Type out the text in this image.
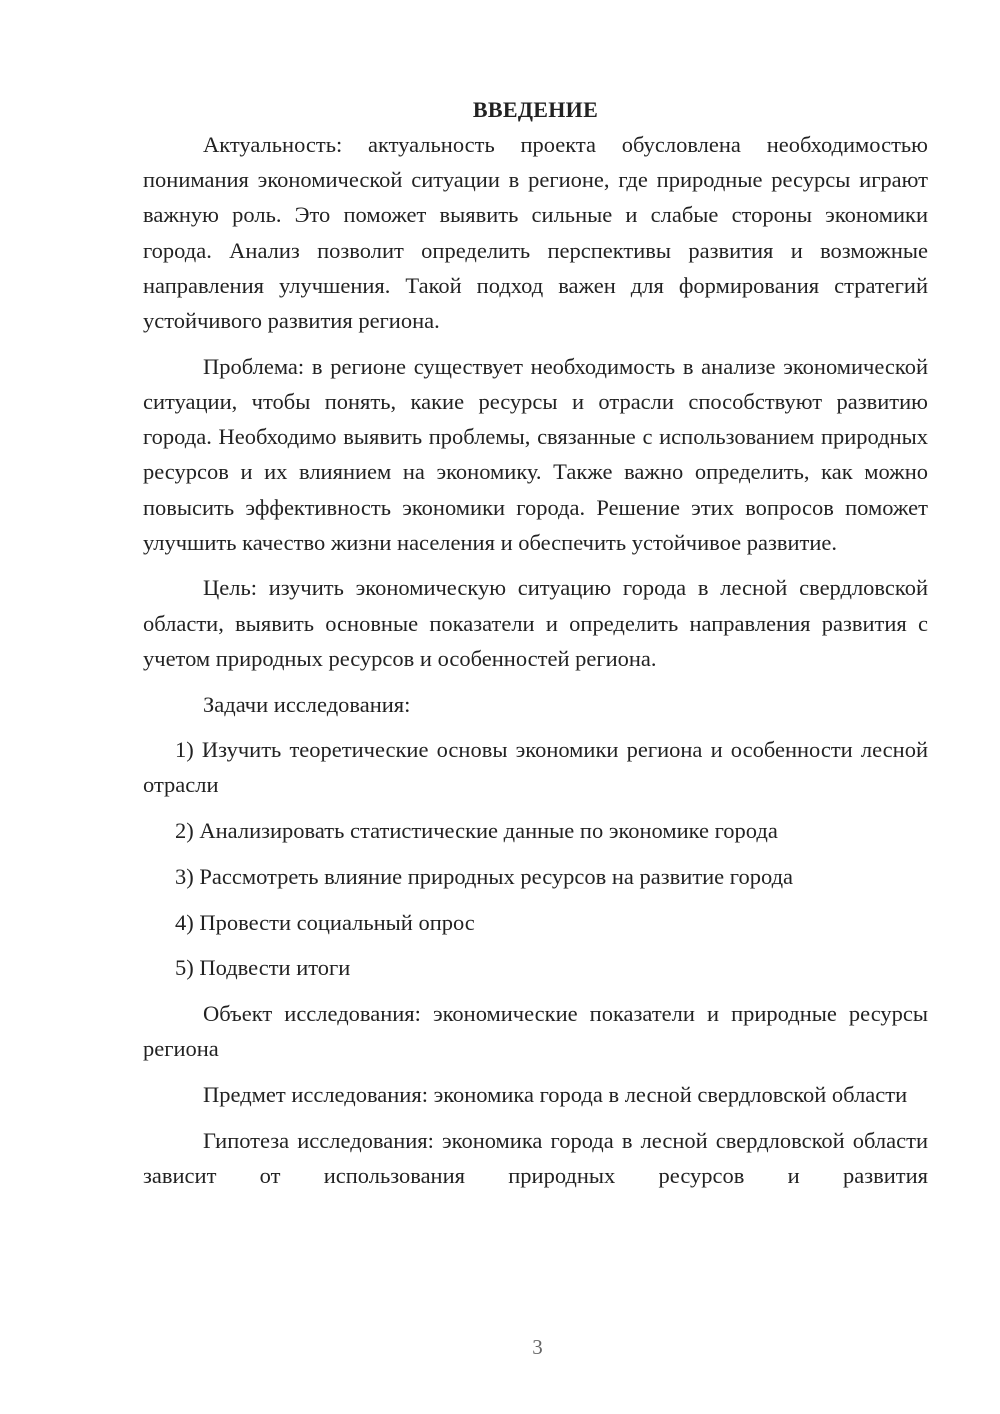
ВВЕДЕНИЕ

Актуальность: актуальность проекта обусловлена необходимостью понимания экономической ситуации в регионе, где природные ресурсы играют важную роль. Это поможет выявить сильные и слабые стороны экономики города. Анализ позволит определить перспективы развития и возможные направления улучшения. Такой подход важен для формирования стратегий устойчивого развития региона.

Проблема: в регионе существует необходимость в анализе экономической ситуации, чтобы понять, какие ресурсы и отрасли способствуют развитию города. Необходимо выявить проблемы, связанные с использованием природных ресурсов и их влиянием на экономику. Также важно определить, как можно повысить эффективность экономики города. Решение этих вопросов поможет улучшить качество жизни населения и обеспечить устойчивое развитие.

Цель: изучить экономическую ситуацию города в лесной свердловской области, выявить основные показатели и определить направления развития с учетом природных ресурсов и особенностей региона.

Задачи исследования:

1) Изучить теоретические основы экономики региона и особенности лесной отрасли

2) Анализировать статистические данные по экономике города

3) Рассмотреть влияние природных ресурсов на развитие города

4) Провести социальный опрос

5) Подвести итоги

Объект исследования: экономические показатели и природные ресурсы региона

Предмет исследования: экономика города в лесной свердловской области

Гипотеза исследования: экономика города в лесной свердловской области зависит от использования природных ресурсов и развития

3
